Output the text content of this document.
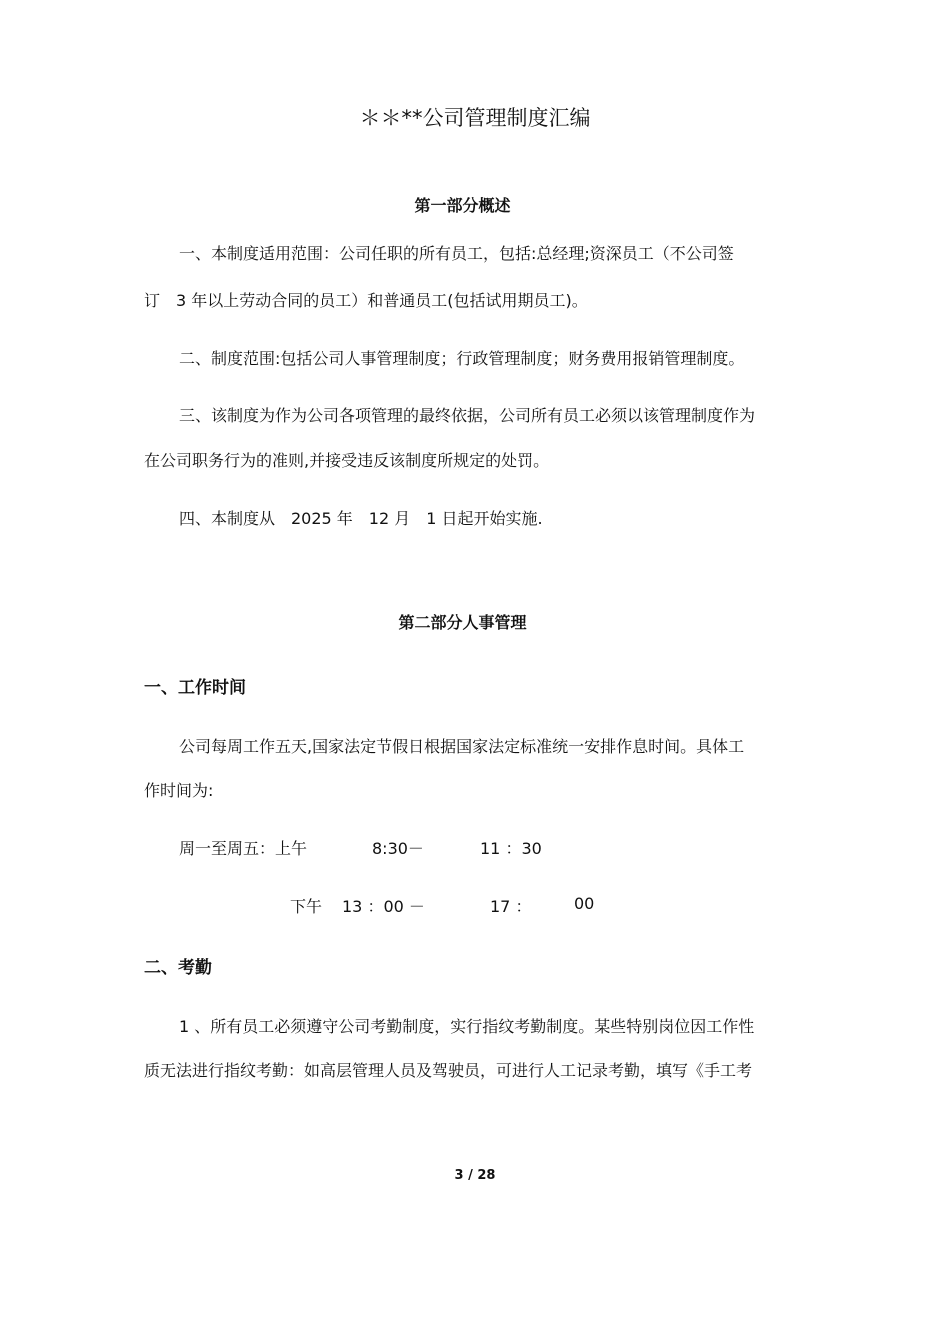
＊＊**公司管理制度汇编
第一部分概述
一、本制度适用范围：公司任职的所有员工，包括:总经理;资深员工（不公司签
订　3 年以上劳动合同的员工）和普通员工(包括试用期员工)。
二、制度范围:包括公司人事管理制度；行政管理制度；财务费用报销管理制度。
三、该制度为作为公司各项管理的最终依据，公司所有员工必须以该管理制度作为
在公司职务行为的准则,并接受违反该制度所规定的处罚。
四、本制度从　2025 年　12 月　1 日起开始实施.
第二部分人事管理
一、工作时间
公司每周工作五天,国家法定节假日根据国家法定标准统一安排作息时间。具体工
作时间为:
周一至周五：上午	8:30－	11 ：30
下午 13 ：00 －	17 ：	00
二、考勤
1 、所有员工必须遵守公司考勤制度，实行指纹考勤制度。某些特别岗位因工作性
质无法进行指纹考勤：如高层管理人员及驾驶员，可进行人工记录考勤，填写《手工考
3 / 28
